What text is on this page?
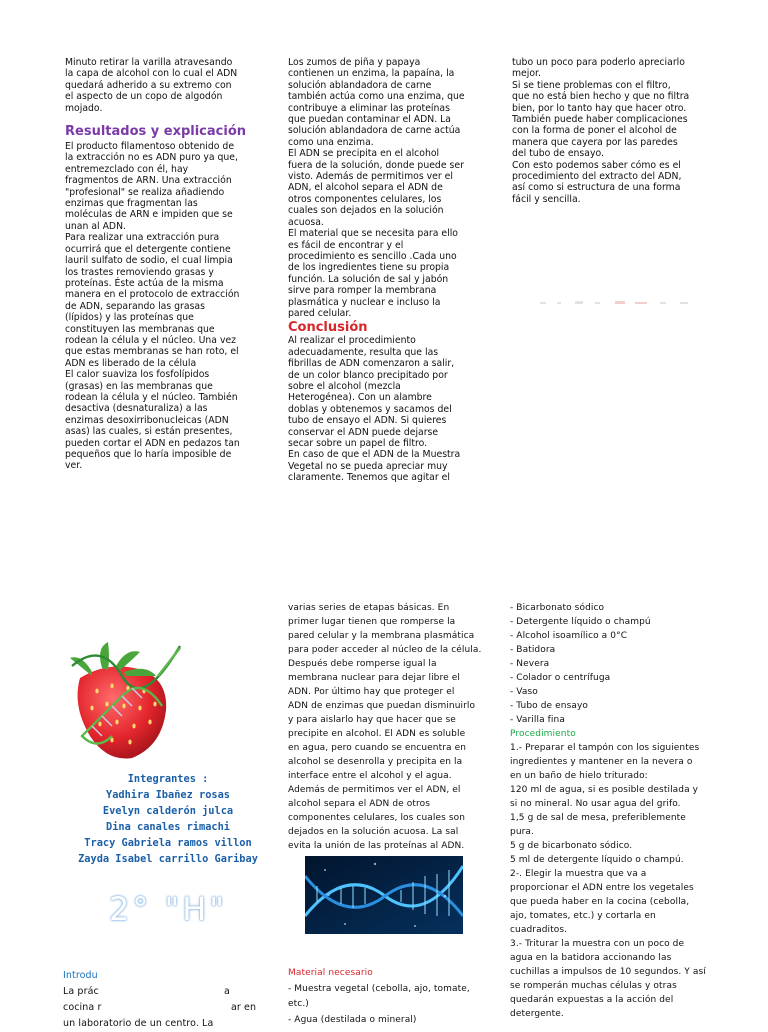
Minuto retirar la varilla atravesando
la capa de alcohol con lo cual el ADN
quedará adherido a su extremo con
el aspecto de un copo de algodón
mojado.

Resultados y explicación

El producto filamentoso obtenido de
la extracción no es ADN puro ya que,
entremezclado con él, hay
fragmentos de ARN. Una extracción
"profesional" se realiza añadiendo
enzimas que fragmentan las
moléculas de ARN e impiden que se
unan al ADN.
Para realizar una extracción pura
ocurrirá que el detergente contiene
lauril sulfato de sodio, el cual limpia
los trastes removiendo grasas y
proteínas. Éste actúa de la misma
manera en el protocolo de extracción
de ADN, separando las grasas
(lípidos) y las proteínas que
constituyen las membranas que
rodean la célula y el núcleo. Una vez
que estas membranas se han roto, el
ADN es liberado de la célula
El calor suaviza los fosfolípidos
(grasas) en las membranas que
rodean la célula y el núcleo. También
desactiva (desnaturaliza) a las
enzimas desoxirribonucleicas (ADN
asas) las cuales, si están presentes,
pueden cortar el ADN en pedazos tan
pequeños que lo haría imposible de
ver.

Los zumos de piña y papaya
contienen un enzima, la papaína, la
solución ablandadora de carne
también actúa como una enzima, que
contribuye a eliminar las proteínas
que puedan contaminar el ADN. La
solución ablandadora de carne actúa
como una enzima.
El ADN se precipita en el alcohol
fuera de la solución, donde puede ser
visto. Además de permitimos ver el
ADN, el alcohol separa el ADN de
otros componentes celulares, los
cuales son dejados en la solución
acuosa.
El material que se necesita para ello
es fácil de encontrar y el
procedimiento es sencillo .Cada uno
de los ingredientes tiene su propia
función. La solución de sal y jabón
sirve para romper la membrana
plasmática y nuclear e incluso la
pared celular.

Conclusión

Al realizar el procedimiento
adecuadamente, resulta que las
fibrillas de ADN comenzaron a salir,
de un color blanco precipitado por
sobre el alcohol (mezcla
Heterogénea). Con un alambre
doblas y obtenemos y sacamos del
tubo de ensayo el ADN. Si quieres
conservar el ADN puede dejarse
secar sobre un papel de filtro.
En caso de que el ADN de la Muestra
Vegetal no se pueda apreciar muy
claramente. Tenemos que agitar el

tubo un poco para poderlo apreciarlo
mejor.
Si se tiene problemas con el filtro,
que no está bien hecho y que no filtra
bien, por lo tanto hay que hacer otro.
También puede haber complicaciones
con la forma de poner el alcohol de
manera que cayera por las paredes
del tubo de ensayo.
Con esto podemos saber cómo es el
procedimiento del extracto del ADN,
así como si estructura de una forma
fácil y sencilla.

Integrantes :

Yadhira Ibañez rosas

Evelyn calderón julca

Dina canales rimachi

Tracy Gabriela ramos villon

Zayda Isabel carrillo Garibay

2° "H"

Introdu

La prác	a
cocina r	ar en

un laboratorio de un centro. La

varias series de etapas básicas. En
primer lugar tienen que romperse la
pared celular y la membrana plasmática
para poder acceder al núcleo de la célula.
Después debe romperse igual la
membrana nuclear para dejar libre el
ADN. Por último hay que proteger el
ADN de enzimas que puedan disminuirlo
y para aislarlo hay que hacer que se
precipite en alcohol. El ADN es soluble
en agua, pero cuando se encuentra en
alcohol se desenrolla y precipita en la
interface entre el alcohol y el agua.
Además de permitimos ver el ADN, el
alcohol separa el ADN de otros
componentes celulares, los cuales son
dejados en la solución acuosa. La sal
evita la unión de las proteínas al ADN.

Material necesario

- Muestra vegetal (cebolla, ajo, tomate,
etc.)
- Agua (destilada o mineral)

- Bicarbonato sódico
- Detergente líquido o champú
- Alcohol isoamílico a 0°C
- Batidora
- Nevera
- Colador o centrífuga
- Vaso
- Tubo de ensayo
- Varilla fina

Procedimiento

1.- Preparar el tampón con los siguientes
ingredientes y mantener en la nevera o
en un baño de hielo triturado:
120 ml de agua, si es posible destilada y
si no mineral. No usar agua del grifo.
1,5 g de sal de mesa, preferiblemente
pura.
5 g de bicarbonato sódico.
5 ml de detergente líquido o champú.
2-. Elegir la muestra que va a
proporcionar el ADN entre los vegetales
que pueda haber en la cocina (cebolla,
ajo, tomates, etc.) y cortarla en
cuadraditos.
3.- Triturar la muestra con un poco de
agua en la batidora accionando las
cuchillas a impulsos de 10 segundos. Y así
se romperán muchas células y otras
quedarán expuestas a la acción del
detergente.
